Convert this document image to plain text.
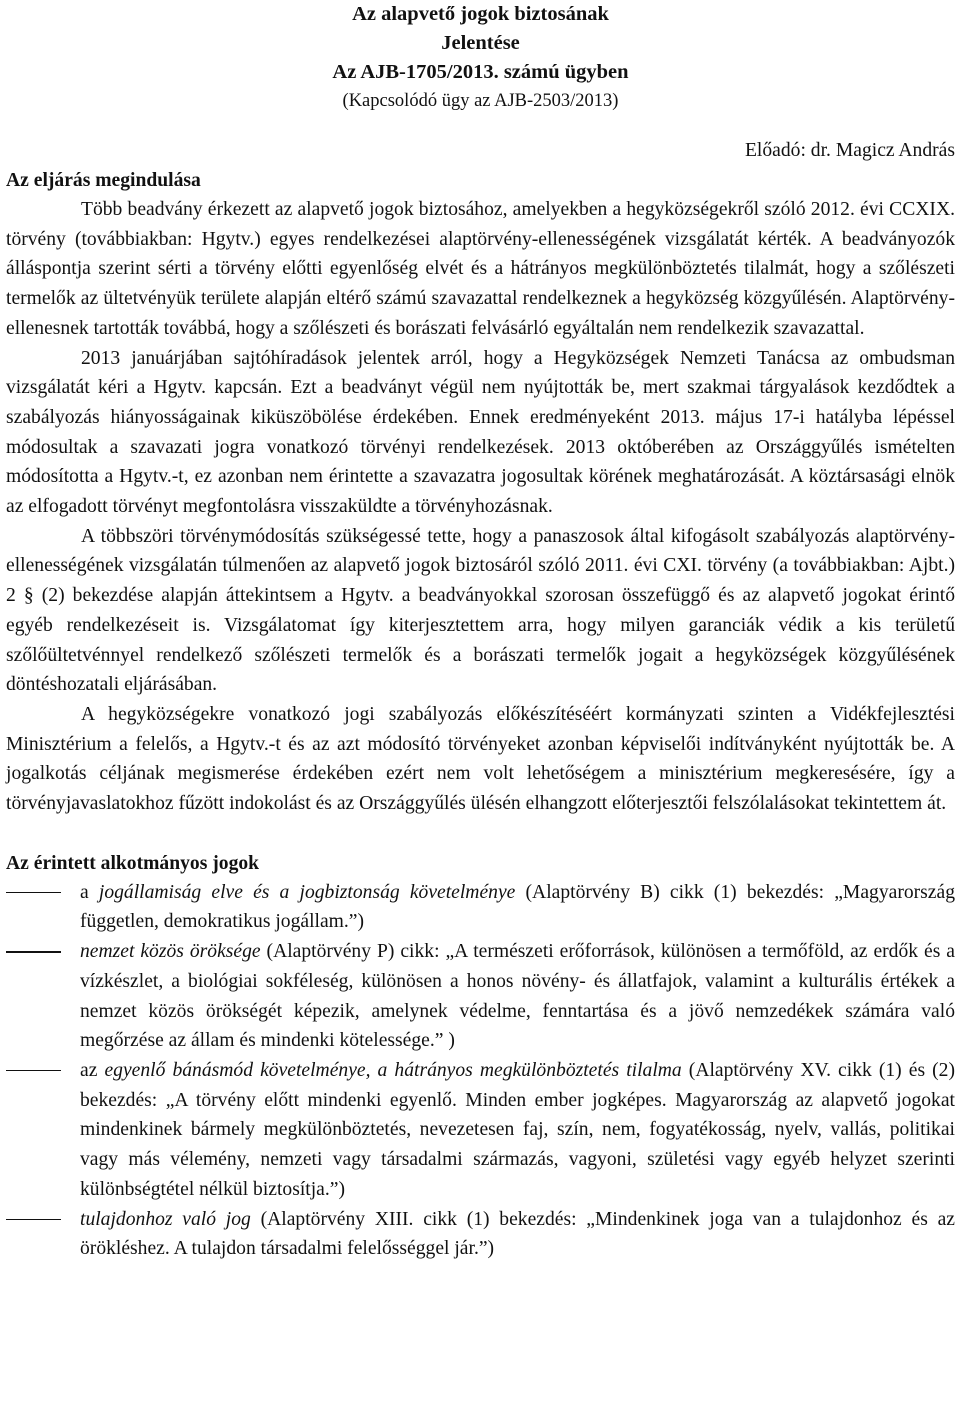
Az alapvető jogok biztosának
Jelentése
Az AJB-1705/2013. számú ügyben
(Kapcsolódó ügy az AJB-2503/2013)
Előadó: dr. Magicz András
Az eljárás megindulása

Több beadvány érkezett az alapvető jogok biztosához, amelyekben a hegyközségekről szóló 2012. évi CCXIX. törvény (továbbiakban: Hgytv.) egyes rendelkezései alaptörvény-ellenességének vizsgálatát kérték. A beadványozók álláspontja szerint sérti a törvény előtti egyenlőség elvét és a hátrányos megkülönböztetés tilalmát, hogy a szőlészeti termelők az ültetvényük területe alapján eltérő számú szavazattal rendelkeznek a hegyközség közgyűlésén. Alaptörvény-ellenesnek tartották továbbá, hogy a szőlészeti és borászati felvásárló egyáltalán nem rendelkezik szavazattal.

2013 januárjában sajtóhíradások jelentek arról, hogy a Hegyközségek Nemzeti Tanácsa az ombudsman vizsgálatát kéri a Hgytv. kapcsán. Ezt a beadványt végül nem nyújtották be, mert szakmai tárgyalások kezdődtek a szabályozás hiányosságainak kiküszöbölése érdekében. Ennek eredményeként 2013. május 17-i hatályba lépéssel módosultak a szavazati jogra vonatkozó törvényi rendelkezések. 2013 októberében az Országgyűlés ismételten módosította a Hgytv.-t, ez azonban nem érintette a szavazatra jogosultak körének meghatározását. A köztársasági elnök az elfogadott törvényt megfontolásra visszaküldte a törvényhozásnak.

A többszöri törvénymódosítás szükségessé tette, hogy a panaszosok által kifogásolt szabályozás alaptörvény-ellenességének vizsgálatán túlmenően az alapvető jogok biztosáról szóló 2011. évi CXI. törvény (a továbbiakban: Ajbt.) 2 § (2) bekezdése alapján áttekintsem a Hgytv. a beadványokkal szorosan összefüggő és az alapvető jogokat érintő egyéb rendelkezéseit is. Vizsgálatomat így kiterjesztettem arra, hogy milyen garanciák védik a kis területű szőlőültetvénnyel rendelkező szőlészeti termelők és a borászati termelők jogait a hegyközségek közgyűlésének döntéshozatali eljárásában.

A hegyközségekre vonatkozó jogi szabályozás előkészítéséért kormányzati szinten a Vidékfejlesztési Minisztérium a felelős, a Hgytv.-t és az azt módosító törvényeket azonban képviselői indítványként nyújtották be. A jogalkotás céljának megismerése érdekében ezért nem volt lehetőségem a minisztérium megkeresésére, így a törvényjavaslatokhoz fűzött indokolást és az Országgyűlés ülésén elhangzott előterjesztői felszólalásokat tekintettem át.

Az érintett alkotmányos jogok
a jogállamiság elve és a jogbiztonság követelménye (Alaptörvény B) cikk (1) bekezdés: „Magyarország független, demokratikus jogállam.”)
nemzet közös öröksége (Alaptörvény P) cikk: „A természeti erőforrások, különösen a termőföld, az erdők és a vízkészlet, a biológiai sokféleség, különösen a honos növény- és állatfajok, valamint a kulturális értékek a nemzet közös örökségét képezik, amelynek védelme, fenntartása és a jövő nemzedékek számára való megőrzése az állam és mindenki kötelessége.” )
az egyenlő bánásmód követelménye, a hátrányos megkülönböztetés tilalma (Alaptörvény XV. cikk (1) és (2) bekezdés: „A törvény előtt mindenki egyenlő. Minden ember jogképes. Magyarország az alapvető jogokat mindenkinek bármely megkülönböztetés, nevezetesen faj, szín, nem, fogyatékosság, nyelv, vallás, politikai vagy más vélemény, nemzeti vagy társadalmi származás, vagyoni, születési vagy egyéb helyzet szerinti különbségtétel nélkül biztosítja.”)
tulajdonhoz való jog (Alaptörvény XIII. cikk (1) bekezdés: „Mindenkinek joga van a tulajdonhoz és az örökléshez. A tulajdon társadalmi felelősséggel jár.”)
